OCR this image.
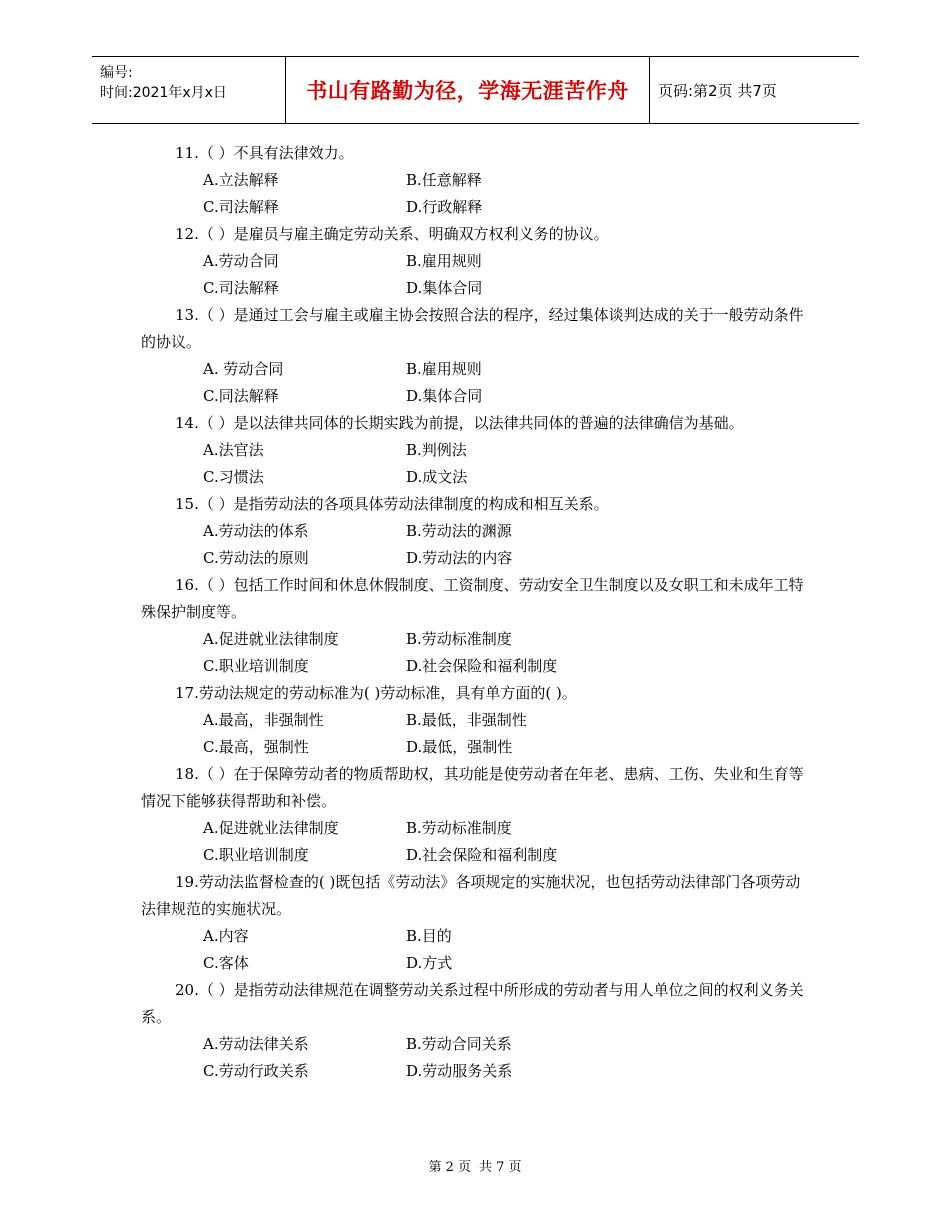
编号:
时间:2021年x月x日	书山有路勤为径，学海无涯苦作舟	页码:第2页 共7页

11.（ ）不具有法律效力。

A.立法解释	B.任意解释
C.司法解释	D.行政解释

12.（ ）是雇员与雇主确定劳动关系、明确双方权利义务的协议。

A.劳动合同	B.雇用规则
C.司法解释	D.集体合同

13.（ ）是通过工会与雇主或雇主协会按照合法的程序，经过集体谈判达成的关于一般劳动条件的协议。

A. 劳动合同	B.雇用规则
C.同法解释	D.集体合同

14.（ ）是以法律共同体的长期实践为前提，以法律共同体的普遍的法律确信为基础。

A.法官法	B.判例法
C.习惯法	D.成文法

15.（ ）是指劳动法的各项具体劳动法律制度的构成和相互关系。

A.劳动法的体系	B.劳动法的渊源
C.劳动法的原则	D.劳动法的内容

16.（ ）包括工作时间和休息休假制度、工资制度、劳动安全卫生制度以及女职工和未成年工特殊保护制度等。

A.促进就业法律制度	B.劳动标准制度
C.职业培训制度	D.社会保险和福利制度

17.劳动法规定的劳动标准为( )劳动标准，具有单方面的( )。

A.最高，非强制性	B.最低，非强制性
C.最高，强制性	D.最低，强制性

18.（ ）在于保障劳动者的物质帮助权，其功能是使劳动者在年老、患病、工伤、失业和生育等情况下能够获得帮助和补偿。

A.促进就业法律制度	B.劳动标准制度
C.职业培训制度	D.社会保险和福利制度

19.劳动法监督检查的( )既包括《劳动法》各项规定的实施状况，也包括劳动法律部门各项劳动法律规范的实施状况。

A.内容	B.目的
C.客体	D.方式

20.（ ）是指劳动法律规范在调整劳动关系过程中所形成的劳动者与用人单位之间的权利义务关系。

A.劳动法律关系	B.劳动合同关系
C.劳动行政关系	D.劳动服务关系
第 2 页 共 7 页
